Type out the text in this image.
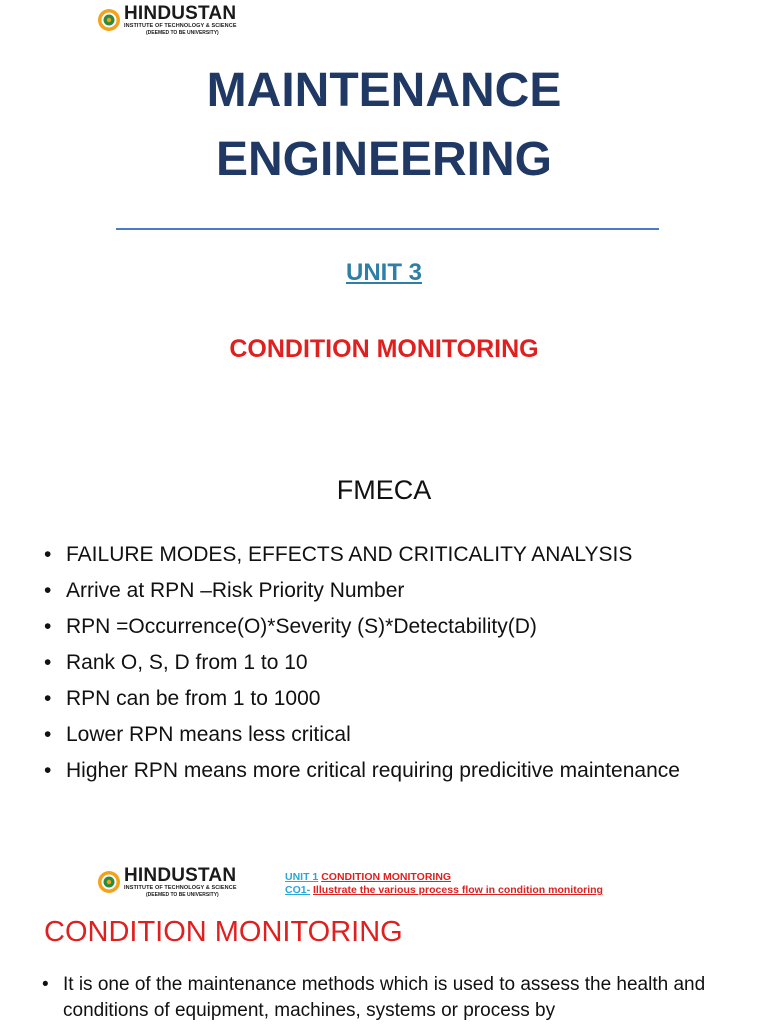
HINDUSTAN
INSTITUTE OF TECHNOLOGY & SCIENCE
(DEEMED TO BE UNIVERSITY)
MAINTENANCE
ENGINEERING
UNIT 3
CONDITION MONITORING
FMECA
• FAILURE MODES, EFFECTS AND CRITICALITY ANALYSIS
• Arrive at RPN –Risk Priority Number
• RPN =Occurrence(O)*Severity (S)*Detectability(D)
• Rank O, S, D from 1 to 10
• RPN can be from 1 to 1000
• Lower RPN means less critical
• Higher RPN means more critical requiring predicitive maintenance
HINDUSTAN
INSTITUTE OF TECHNOLOGY & SCIENCE
(DEEMED TO BE UNIVERSITY)
UNIT 1 CONDITION MONITORING
CO1- Illustrate the various process flow in condition monitoring
CONDITION MONITORING
• It is one of the maintenance methods which is used to assess the health and conditions of equipment, machines, systems or process by
